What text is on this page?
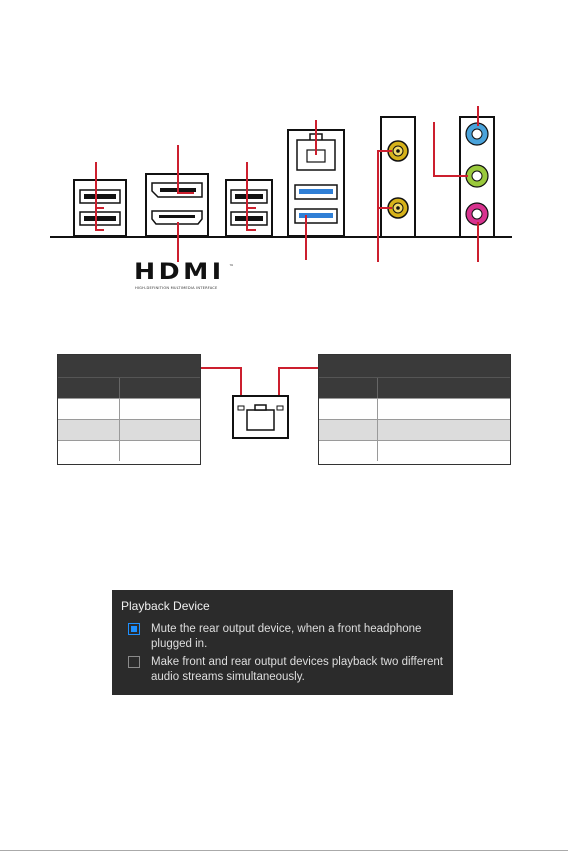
HDMI ™
HIGH-DEFINITION MULTIMEDIA INTERFACE
Playback Device
Mute the rear output device, when a front headphone plugged in.
Make front and rear output devices playback two different audio streams simultaneously.
